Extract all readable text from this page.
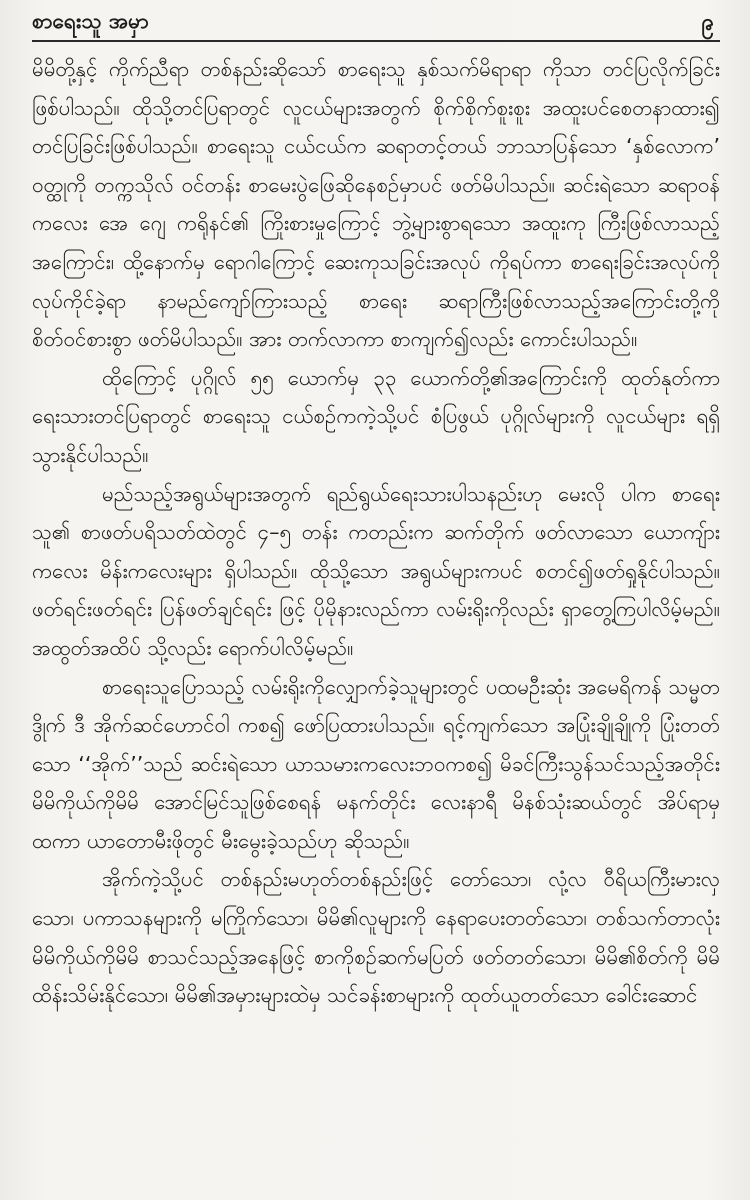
စာရေးသူ အမှာ	၉

မိမိတို့နှင့် ကိုက်ညီရာ တစ်နည်းဆိုသော် စာရေးသူ နှစ်သက်မိရာရာ ကိုသာ တင်ပြလိုက်ခြင်း ဖြစ်ပါသည်။ ထိုသို့တင်ပြရာတွင် လူငယ်များအတွက် စိုက်စိုက်စူးစူး အထူးပင်စေတနာထား၍ တင်ပြခြင်းဖြစ်ပါသည်။ စာရေးသူ ငယ်ငယ်က ဆရာတင့်တယ် ဘာသာပြန်သော ‘နှစ်လောက’ ဝတ္ထုကို တက္ကသိုလ် ဝင်တန်း စာမေးပွဲဖြေဆိုနေစဉ်မှာပင် ဖတ်မိပါသည်။ ဆင်းရဲသော ဆရာဝန် ကလေး အေ ဂျေ ကရိုနင်၏ ကြိုးစားမှုကြောင့် ဘွဲ့များစွာရသော အထူးကု ကြီးဖြစ်လာသည့်အကြောင်း၊ ထို့နောက်မှ ရောဂါကြောင့် ဆေးကုသခြင်းအလုပ် ကိုရပ်ကာ စာရေးခြင်းအလုပ်ကို လုပ်ကိုင်ခဲ့ရာ နာမည်ကျော်ကြားသည့် စာရေး ဆရာကြီးဖြစ်လာသည့်အကြောင်းတို့ကို စိတ်ဝင်စားစွာ ဖတ်မိပါသည်။ အား တက်လာကာ စာကျက်၍လည်း ကောင်းပါသည်။

ထိုကြောင့် ပုဂ္ဂိုလ် ၅၅ ယောက်မှ ၃၃ ယောက်တို့၏အကြောင်းကို ထုတ်နုတ်ကာ ရေးသားတင်ပြရာတွင် စာရေးသူ ငယ်စဉ်ကကဲ့သို့ပင် စံပြဖွယ် ပုဂ္ဂိုလ်များကို လူငယ်များ ရရှိသွားနိုင်ပါသည်။

မည်သည့်အရွယ်များအတွက် ရည်ရွယ်ရေးသားပါသနည်းဟု မေးလို ပါက စာရေးသူ၏ စာဖတ်ပရိသတ်ထဲတွင် ၄–၅ တန်း ကတည်းက ဆက်တိုက် ဖတ်လာသော ယောကျ်ားကလေး မိန်းကလေးများ ရှိပါသည်။ ထိုသို့သော အရွယ်များကပင် စတင်၍ဖတ်ရှုနိုင်ပါသည်။ ဖတ်ရင်းဖတ်ရင်း ပြန်ဖတ်ချင်ရင်း ဖြင့် ပိုမိုနားလည်ကာ လမ်းရိုးကိုလည်း ရှာတွေ့ကြပါလိမ့်မည်။ အထွတ်အထိပ် သို့လည်း ရောက်ပါလိမ့်မည်။

စာရေးသူပြောသည့် လမ်းရိုးကိုလျှောက်ခဲ့သူများတွင် ပထမဦးဆုံး အမေရိကန် သမ္မတ ဒွိုက် ဒီ အိုက်ဆင်ဟောင်ဝါ ကစ၍ ဖော်ပြထားပါသည်။ ရင့်ကျက်သော အပြုံးချိုချိုကို ပြုံးတတ်သော ‘‘အိုက်’’သည် ဆင်းရဲသော ယာသမားကလေးဘဝကစ၍ မိခင်ကြီးသွန်သင်သည့်အတိုင်း မိမိကိုယ်ကိုမိမိ အောင်မြင်သူဖြစ်စေရန် မနက်တိုင်း လေးနာရီ မိနစ်သုံးဆယ်တွင် အိပ်ရာမှ ထကာ ယာတောမီးဖိုတွင် မီးမွေးခဲ့သည်ဟု ဆိုသည်။

အိုက်ကဲ့သို့ပင် တစ်နည်းမဟုတ်တစ်နည်းဖြင့် တော်သော၊ လုံ့လ ဝီရိယကြီးမားလှသော၊ ပကာသနများကို မကြိုက်သော၊ မိမိ၏လူများကို နေရာပေးတတ်သော၊ တစ်သက်တာလုံး မိမိကိုယ်ကိုမိမိ စာသင်သည့်အနေဖြင့် စာကိုစဉ်ဆက်မပြတ် ဖတ်တတ်သော၊ မိမိ၏စိတ်ကို မိမိထိန်းသိမ်းနိုင်သော၊ မိမိ၏အမှားများထဲမှ သင်ခန်းစာများကို ထုတ်ယူတတ်သော ခေါင်းဆောင်
